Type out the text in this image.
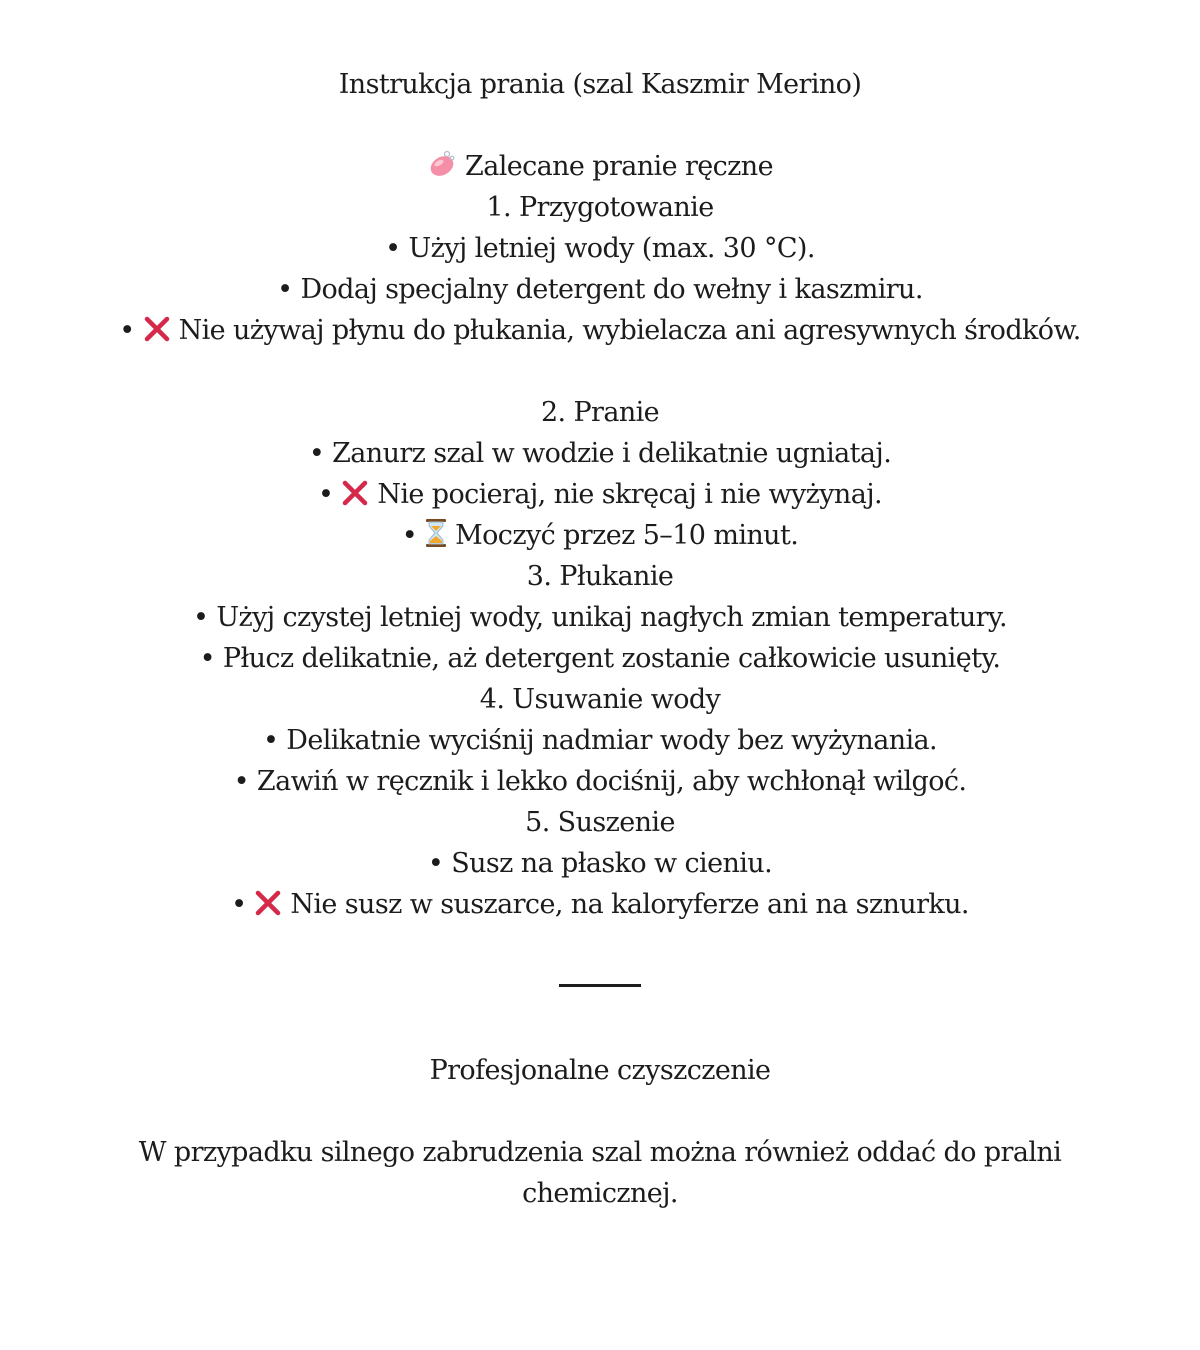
Instrukcja prania (szal Kaszmir Merino)

Zalecane pranie ręczne

1. Przygotowanie

• Użyj letniej wody (max. 30 °C).

• Dodaj specjalny detergent do wełny i kaszmiru.

• Nie używaj płynu do płukania, wybielacza ani agresywnych środków.

2. Pranie

• Zanurz szal w wodzie i delikatnie ugniataj.

• Nie pocieraj, nie skręcaj i nie wyżynaj.

• Moczyć przez 5–10 minut.

3. Płukanie

• Użyj czystej letniej wody, unikaj nagłych zmian temperatury.

• Płucz delikatnie, aż detergent zostanie całkowicie usunięty.

4. Usuwanie wody

• Delikatnie wyciśnij nadmiar wody bez wyżynania.

• Zawiń w ręcznik i lekko dociśnij, aby wchłonął wilgoć.

5. Suszenie

• Susz na płasko w cieniu.

• Nie susz w suszarce, na kaloryferze ani na sznurku.

Profesjonalne czyszczenie

W przypadku silnego zabrudzenia szal można również oddać do pralni chemicznej.
